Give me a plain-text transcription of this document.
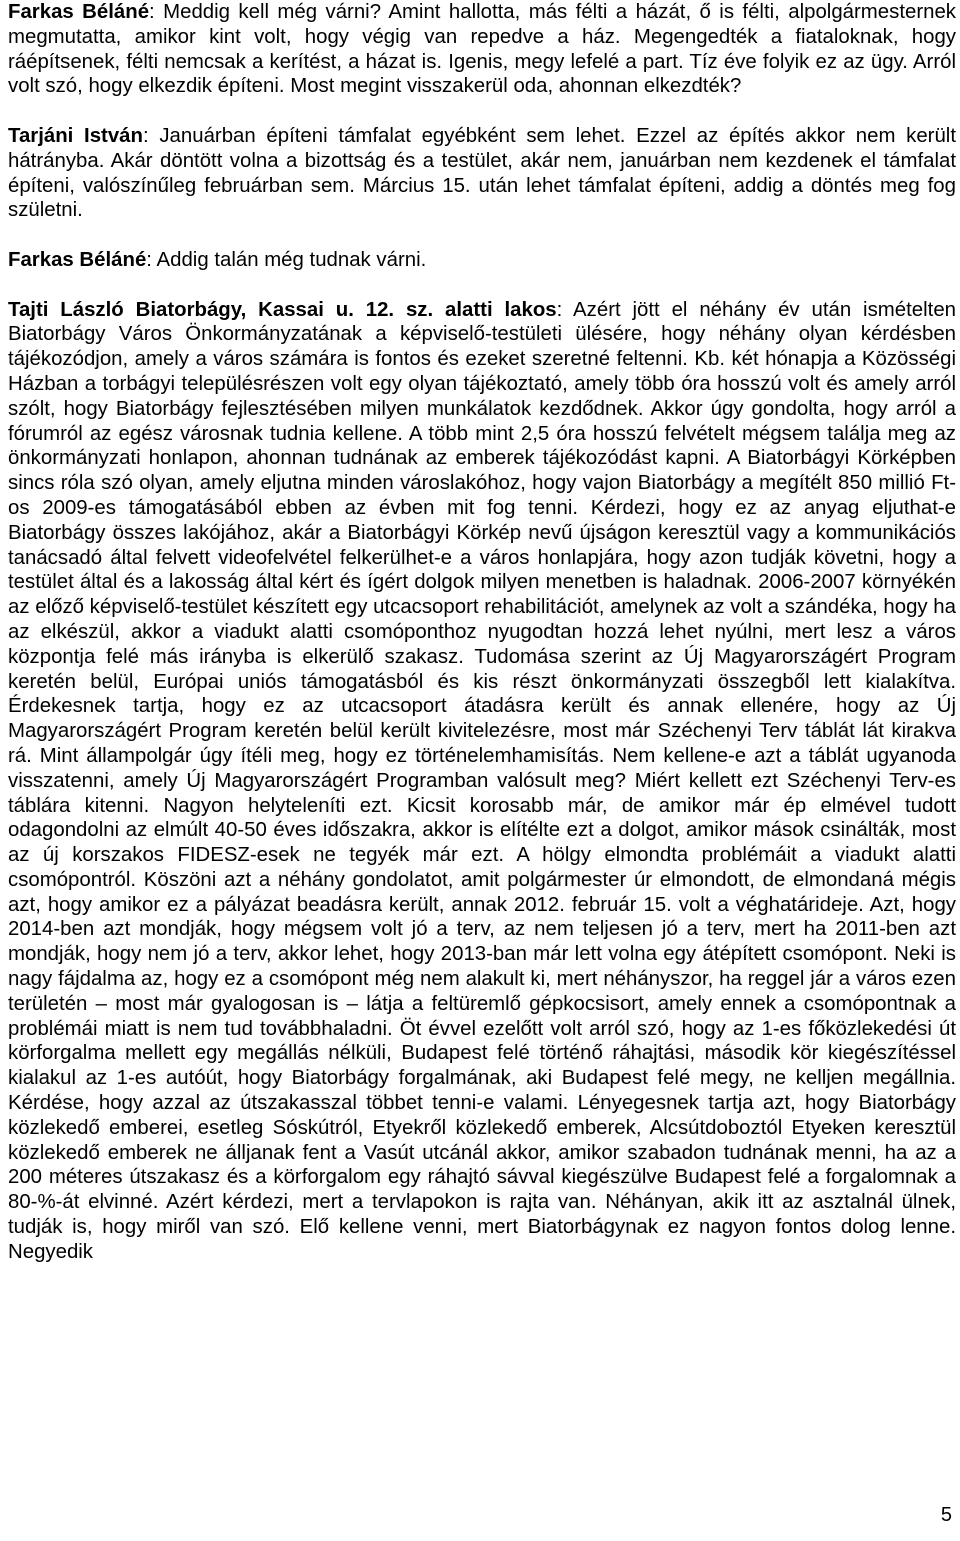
Farkas Béláné: Meddig kell még várni? Amint hallotta, más félti a házát, ő is félti, alpolgármesternek megmutatta, amikor kint volt, hogy végig van repedve a ház. Megengedték a fiataloknak, hogy ráépítsenek, félti nemcsak a kerítést, a házat is. Igenis, megy lefelé a part. Tíz éve folyik ez az ügy. Arról volt szó, hogy elkezdik építeni. Most megint visszakerül oda, ahonnan elkezdték?

Tarjáni István: Januárban építeni támfalat egyébként sem lehet. Ezzel az építés akkor nem került hátrányba. Akár döntött volna a bizottság és a testület, akár nem, januárban nem kezdenek el támfalat építeni, valószínűleg februárban sem. Március 15. után lehet támfalat építeni, addig a döntés meg fog születni.

Farkas Béláné: Addig talán még tudnak várni.

Tajti László Biatorbágy, Kassai u. 12. sz. alatti lakos: Azért jött el néhány év után ismételten Biatorbágy Város Önkormányzatának a képviselő-testületi ülésére, hogy néhány olyan kérdésben tájékozódjon, amely a város számára is fontos és ezeket szeretné feltenni. Kb. két hónapja a Közösségi Házban a torbágyi településrészen volt egy olyan tájékoztató, amely több óra hosszú volt és amely arról szólt, hogy Biatorbágy fejlesztésében milyen munkálatok kezdődnek. Akkor úgy gondolta, hogy arról a fórumról az egész városnak tudnia kellene. A több mint 2,5 óra hosszú felvételt mégsem találja meg az önkormányzati honlapon, ahonnan tudnának az emberek tájékozódást kapni. A Biatorbágyi Körképben sincs róla szó olyan, amely eljutna minden városlakóhoz, hogy vajon Biatorbágy a megítélt 850 millió Ft-os 2009-es támogatásából ebben az évben mit fog tenni. Kérdezi, hogy ez az anyag eljuthat-e Biatorbágy összes lakójához, akár a Biatorbágyi Körkép nevű újságon keresztül vagy a kommunikációs tanácsadó által felvett videofelvétel felkerülhet-e a város honlapjára, hogy azon tudják követni, hogy a testület által és a lakosság által kért és ígért dolgok milyen menetben is haladnak. 2006-2007 környékén az előző képviselő-testület készített egy utcacsoport rehabilitációt, amelynek az volt a szándéka, hogy ha az elkészül, akkor a viadukt alatti csomóponthoz nyugodtan hozzá lehet nyúlni, mert lesz a város központja felé más irányba is elkerülő szakasz. Tudomása szerint az Új Magyarországért Program keretén belül, Európai uniós támogatásból és kis részt önkormányzati összegből lett kialakítva. Érdekesnek tartja, hogy ez az utcacsoport átadásra került és annak ellenére, hogy az Új Magyarországért Program keretén belül került kivitelezésre, most már Széchenyi Terv táblát lát kirakva rá. Mint állampolgár úgy ítéli meg, hogy ez történelemhamisítás. Nem kellene-e azt a táblát ugyanoda visszatenni, amely Új Magyarországért Programban valósult meg? Miért kellett ezt Széchenyi Terv-es táblára kitenni. Nagyon helyteleníti ezt. Kicsit korosabb már, de amikor már ép elmével tudott odagondolni az elmúlt 40-50 éves időszakra, akkor is elítélte ezt a dolgot, amikor mások csinálták, most az új korszakos FIDESZ-esek ne tegyék már ezt. A hölgy elmondta problémáit a viadukt alatti csomópontról. Köszöni azt a néhány gondolatot, amit polgármester úr elmondott, de elmondaná mégis azt, hogy amikor ez a pályázat beadásra került, annak 2012. február 15. volt a véghatárideje. Azt, hogy 2014-ben azt mondják, hogy mégsem volt jó a terv, az nem teljesen jó a terv, mert ha 2011-ben azt mondják, hogy nem jó a terv, akkor lehet, hogy 2013-ban már lett volna egy átépített csomópont. Neki is nagy fájdalma az, hogy ez a csomópont még nem alakult ki, mert néhányszor, ha reggel jár a város ezen területén – most már gyalogosan is – látja a feltüremlő gépkocsisort, amely ennek a csomópontnak a problémái miatt is nem tud továbbhaladni. Öt évvel ezelőtt volt arról szó, hogy az 1-es főközlekedési út körforgalma mellett egy megállás nélküli, Budapest felé történő ráhajtási, második kör kiegészítéssel kialakul az 1-es autóút, hogy Biatorbágy forgalmának, aki Budapest felé megy, ne kelljen megállnia. Kérdése, hogy azzal az útszakasszal többet tenni-e valami. Lényegesnek tartja azt, hogy Biatorbágy közlekedő emberei, esetleg Sóskútról, Etyekről közlekedő emberek, Alcsútdoboztól Etyeken keresztül közlekedő emberek ne álljanak fent a Vasút utcánál akkor, amikor szabadon tudnának menni, ha az a 200 méteres útszakasz és a körforgalom egy ráhajtó sávval kiegészülve Budapest felé a forgalomnak a 80-%-át elvinné. Azért kérdezi, mert a tervlapokon is rajta van. Néhányan, akik itt az asztalnál ülnek, tudják is, hogy miről van szó. Elő kellene venni, mert Biatorbágynak ez nagyon fontos dolog lenne. Negyedik

5
